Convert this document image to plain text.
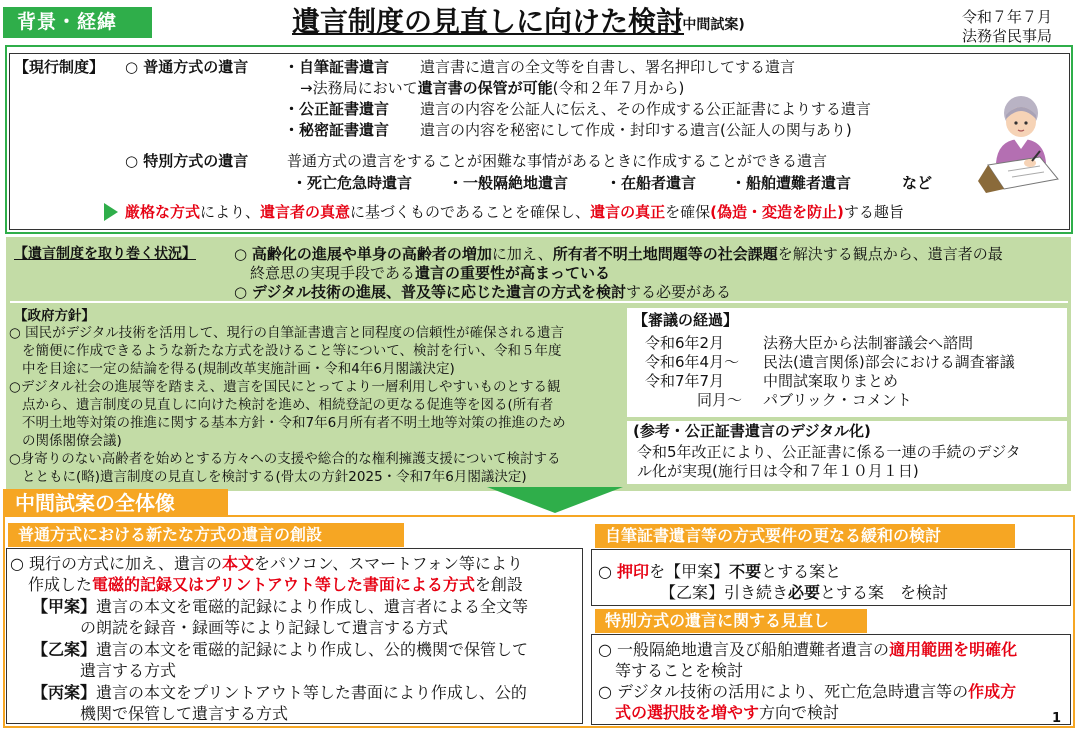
背景・経緯	遺言制度の見直しに向けた検討
(中間試案)	令和７年７月
法務省民事局
【現行制度】 ○ 普通方式の遺言 ・自筆証書遺言 遺言書に遺言の全文等を自書し、署名押印してする遺言
→法務局において遺言書の保管が可能(令和２年７月から)
・公正証書遺言 遺言の内容を公証人に伝え、その作成する公正証書によりする遺言
・秘密証書遺言 遺言の内容を秘密にして作成・封印する遺言(公証人の関与あり)
○ 特別方式の遺言	普通方式の遺言をすることが困難な事情があるときに作成することができる遺言
・死亡危急時遺言 ・一般隔絶地遺言	・在船者遺言 ・船舶遭難者遺言	など
厳格な方式により、遺言者の真意に基づくものであることを確保し、遺言の真正を確保(偽造・変造を防止)する趣旨
【遺言制度を取り巻く状況】	○ 高齢化の進展や単身の高齢者の増加に加え、所有者不明土地問題等の社会課題を解決する観点から、遺言者の最
終意思の実現手段である遺言の重要性が高まっている
○ デジタル技術の進展、普及等に応じた遺言の方式を検討する必要がある
【政府方針】
○ 国民がデジタル技術を活用して、現行の自筆証書遺言と同程度の信頼性が確保される遺言
を簡便に作成できるような新たな方式を設けること等について、検討を行い、令和５年度
中を目途に一定の結論を得る(規制改革実施計画・令和4年6月閣議決定)
○デジタル社会の進展等を踏まえ、遺言を国民にとってより一層利用しやすいものとする観
点から、遺言制度の見直しに向けた検討を進め、相続登記の更なる促進等を図る(所有者
不明土地等対策の推進に関する基本方針・令和7年6月所有者不明土地等対策の推進のため
の関係閣僚会議)
○身寄りのない高齢者を始めとする方々への支援や総合的な権利擁護支援について検討する
とともに(略)遺言制度の見直しを検討する(骨太の方針2025・令和7年6月閣議決定)
【審議の経過】
令和6年2月	法務大臣から法制審議会へ諮問
令和6年4月〜 民法(遺言関係)部会における調査審議
令和7年7月	中間試案取りまとめ
同月〜 パブリック・コメント
(参考・公正証書遺言のデジタル化)
令和5年改正により、公正証書に係る一連の手続のデジタ
ル化が実現(施行日は令和７年１０月１日)
中間試案の全体像
普通方式における新たな方式の遺言の創設
○ 現行の方式に加え、遺言の本文をパソコン、スマートフォン等により
作成した電磁的記録又はプリントアウト等した書面による方式を創設
【甲案】遺言の本文を電磁的記録により作成し、遺言者による全文等
の朗読を録音・録画等により記録して遺言する方式
【乙案】遺言の本文を電磁的記録により作成し、公的機関で保管して
遺言する方式
【丙案】遺言の本文をプリントアウト等した書面により作成し、公的
機関で保管して遺言する方式
自筆証書遺言等の方式要件の更なる緩和の検討
○ 押印を【甲案】不要とする案と
【乙案】引き続き必要とする案　を検討
特別方式の遺言に関する見直し
○ 一般隔絶地遺言及び船舶遭難者遺言の適用範囲を明確化
等することを検討
○ デジタル技術の活用により、死亡危急時遺言等の作成方
式の選択肢を増やす方向で検討	1
